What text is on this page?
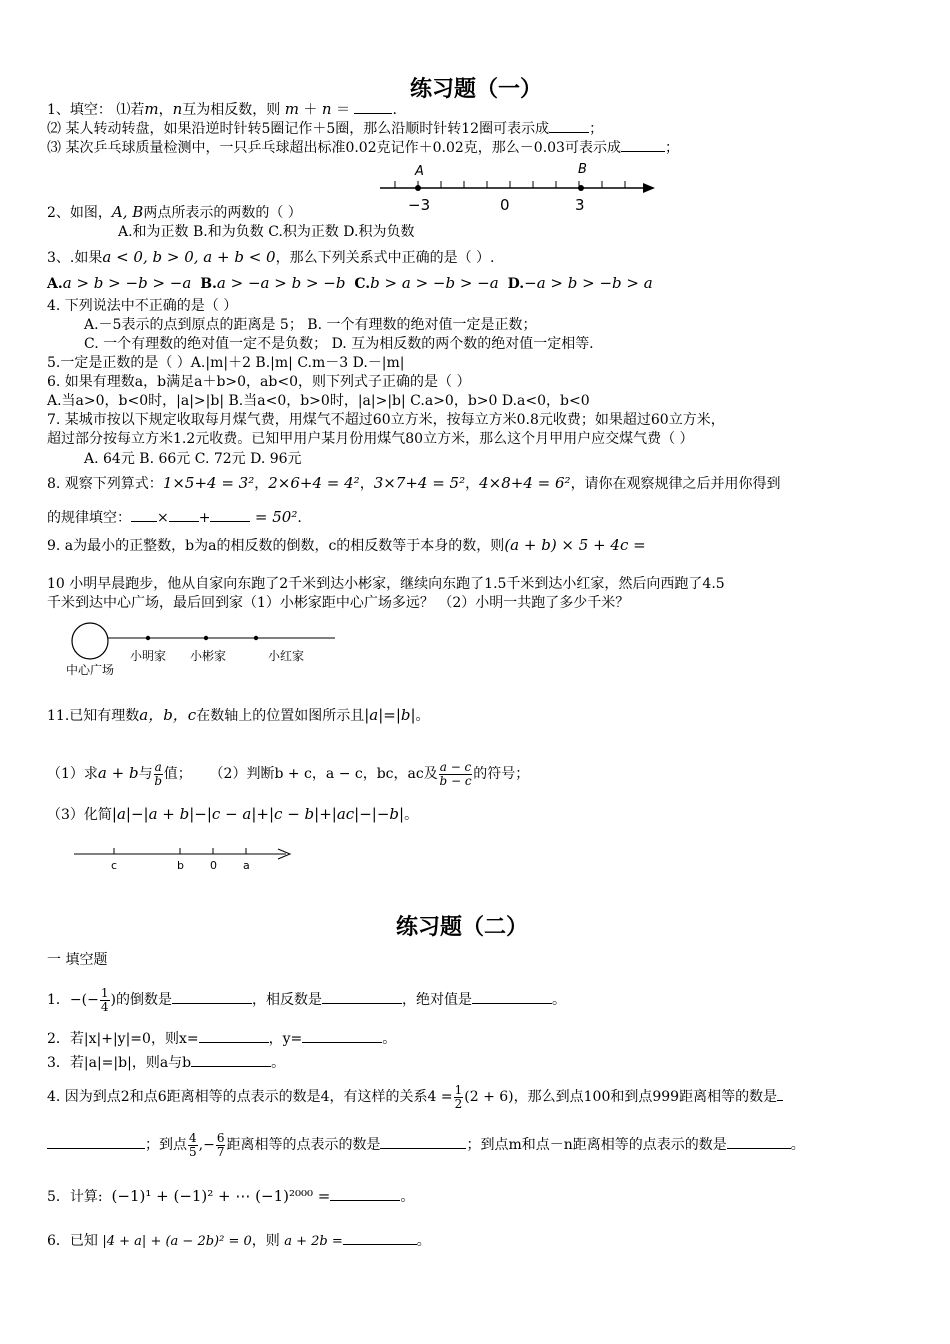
练习题（一）
1、填空： ⑴若m，n互为相反数，则 m ＋ n ＝	.
⑵ 某人转动转盘，如果沿逆时针转5圈记作＋5圈，那么沿顺时针转12圈可表示成	；
⑶ 某次乒乓球质量检测中，一只乒乓球超出标准0.02克记作＋0.02克，那么－0.03可表示成	；
A	B
−3	0	3
2、如图，A, B两点所表示的两数的（ ）
A.和为正数 B.和为负数 C.积为正数 D.积为负数
3、.如果a < 0, b > 0, a + b < 0，那么下列关系式中正确的是（ ）.
A.a > b > −b > −a B.a > −a > b > −b C.b > a > −b > −a D.−a > b > −b > a
4. 下列说法中不正确的是（ ）
A.－5表示的点到原点的距离是 5； B. 一个有理数的绝对值一定是正数；
C. 一个有理数的绝对值一定不是负数； D. 互为相反数的两个数的绝对值一定相等.
5.一定是正数的是（ ）A.|m|＋2 B.|m| C.m－3 D.－|m|
6. 如果有理数a，b满足a＋b>0，ab<0，则下列式子正确的是（ ）
A.当a>0，b<0时，|a|>|b| B.当a<0，b>0时，|a|>|b| C.a>0，b>0 D.a<0，b<0
7. 某城市按以下规定收取每月煤气费，用煤气不超过60立方米，按每立方米0.8元收费；如果超过60立方米，
超过部分按每立方米1.2元收费。已知甲用户某月份用煤气80立方米，那么这个月甲用户应交煤气费（ ）
A. 64元 B. 66元 C. 72元 D. 96元
8. 观察下列算式：1×5+4 = 3²，2×6+4 = 4²，3×7+4 = 5²，4×8+4 = 6²，请你在观察规律之后并用你得到
的规律填空： × +	= 50².
9. a为最小的正整数，b为a的相反数的倒数，c的相反数等于本身的数，则(a + b) × 5 + 4c =
10 小明早晨跑步，他从自家向东跑了2千米到达小彬家，继续向东跑了1.5千米到达小红家，然后向西跑了4.5
千米到达中心广场，最后回到家（1）小彬家距中心广场多远？ （2）小明一共跑了多少千米？
中心广场
小明家 小彬家	小红家
11.已知有理数a，b，c在数轴上的位置如图所示且|a|=|b|。
（1）求a + b与 $\frac{a}{b}$ 值； （2）判断b + c，a − c，bc，ac及 $\frac{a - c}{b - c}$ 的符号；
（3）化简|a|−|a + b|−|c − a|+|c − b|+|ac|−|−b|。
c	b 0 a
练习题（二）
一 填空题
1．−(− $\frac{1}{4}$ )的倒数是	，相反数是	，绝对值是	。
2．若|x|+|y|=0，则x=	，y=	。
3．若|a|=|b|，则a与b	。
4. 因为到点2和点6距离相等的点表示的数是4，有这样的关系$4 = \frac{1}{2} (2 + 6)$，那么到点100和到点999距离相等的数是
；到点 $\frac{4}{5}$ ,− $\frac{6}{7}$ 距离相等的点表示的数是	；到点m和点－n距离相等的点表示的数是	。
5．计算: (−1)¹ + (−1)² + ⋯ (−1)²⁰⁰⁰ =	。
6．已知 |4 + a| + (a − 2b)² = 0，则 a + 2b =	。
